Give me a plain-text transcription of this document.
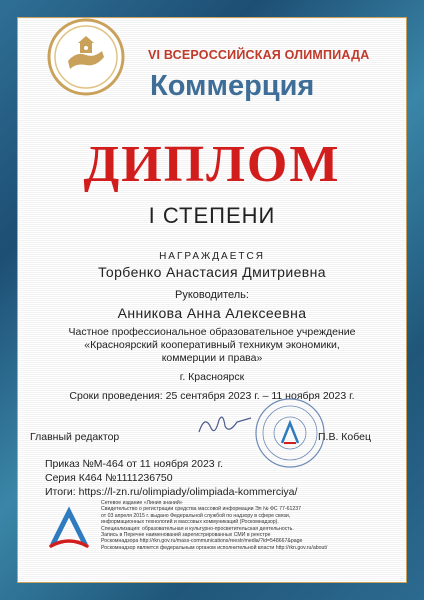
VI ВСЕРОССИЙСКАЯ ОЛИМПИАДА
Коммерция
ДИПЛОМ
I СТЕПЕНИ
НАГРАЖДАЕТСЯ
Торбенко Анастасия Дмитриевна
Руководитель:
Анникова Анна Алексеевна
Частное профессиональное образовательное учреждение
«Красноярский кооперативный техникум экономики,
коммерции и права»
г. Красноярск
Сроки проведения: 25 сентября 2023 г. – 11 ноября 2023 г.
Главный редактор	П.В. Кобец
Приказ №М-464 от 11 ноября 2023 г.
Серия К464 №1111236750
Итоги: https://l-zn.ru/olimpiady/olimpiada-kommerciya/
Сетевое издание «Линия знаний»
Свидетельство о регистрации средства массовой информации Эл № ФС 77-61237
от 03 апреля 2015 г. выдано Федеральной службой по надзору в сфере связи,
информационных технологий и массовых коммуникаций (Роскомнадзор).
Специализация: образовательная и культурно-просветительская деятельность.
Запись в Перечне наименований зарегистрированных СМИ в реестре
Роскомнадзора http://rkn.gov.ru/mass-communications/reestr/media/?id=548667&page
Роскомнадзор является федеральным органом исполнительной власти http://rkn.gov.ru/about/
